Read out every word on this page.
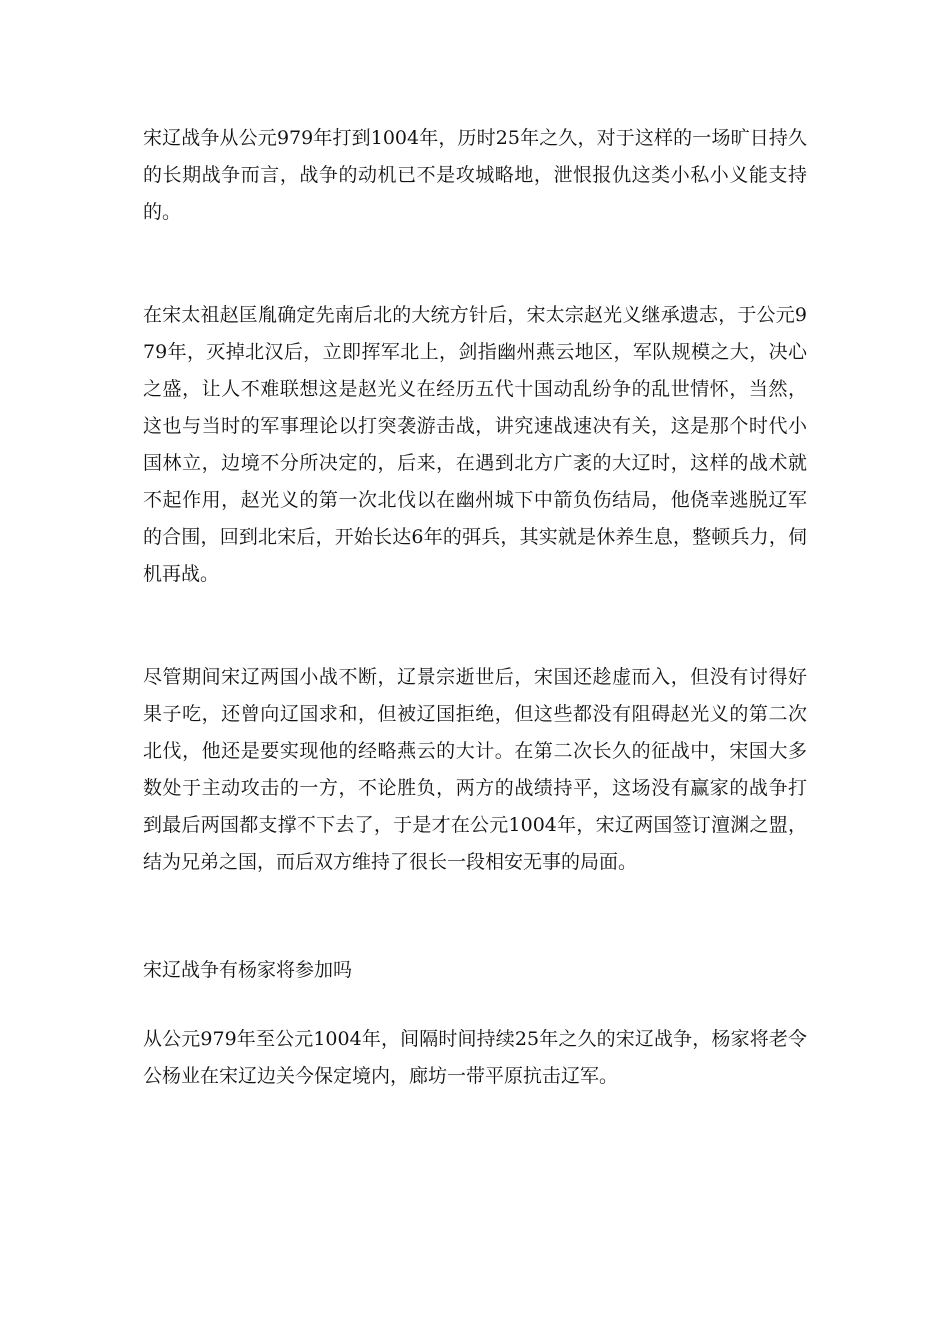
宋辽战争从公元979年打到1004年，历时25年之久，对于这样的一场旷日持久的长期战争而言，战争的动机已不是攻城略地，泄恨报仇这类小私小义能支持的。

在宋太祖赵匡胤确定先南后北的大统方针后，宋太宗赵光义继承遗志，于公元979年，灭掉北汉后，立即挥军北上，剑指幽州燕云地区，军队规模之大，决心之盛，让人不难联想这是赵光义在经历五代十国动乱纷争的乱世情怀，当然，这也与当时的军事理论以打突袭游击战，讲究速战速决有关，这是那个时代小国林立，边境不分所决定的，后来，在遇到北方广袤的大辽时，这样的战术就不起作用，赵光义的第一次北伐以在幽州城下中箭负伤结局，他侥幸逃脱辽军的合围，回到北宋后，开始长达6年的弭兵，其实就是休养生息，整顿兵力，伺机再战。

尽管期间宋辽两国小战不断，辽景宗逝世后，宋国还趁虚而入，但没有讨得好果子吃，还曾向辽国求和，但被辽国拒绝，但这些都没有阻碍赵光义的第二次北伐，他还是要实现他的经略燕云的大计。在第二次长久的征战中，宋国大多数处于主动攻击的一方，不论胜负，两方的战绩持平，这场没有赢家的战争打到最后两国都支撑不下去了，于是才在公元1004年，宋辽两国签订澶渊之盟，结为兄弟之国，而后双方维持了很长一段相安无事的局面。

宋辽战争有杨家将参加吗

从公元979年至公元1004年，间隔时间持续25年之久的宋辽战争，杨家将老令公杨业在宋辽边关今保定境内，廊坊一带平原抗击辽军。
